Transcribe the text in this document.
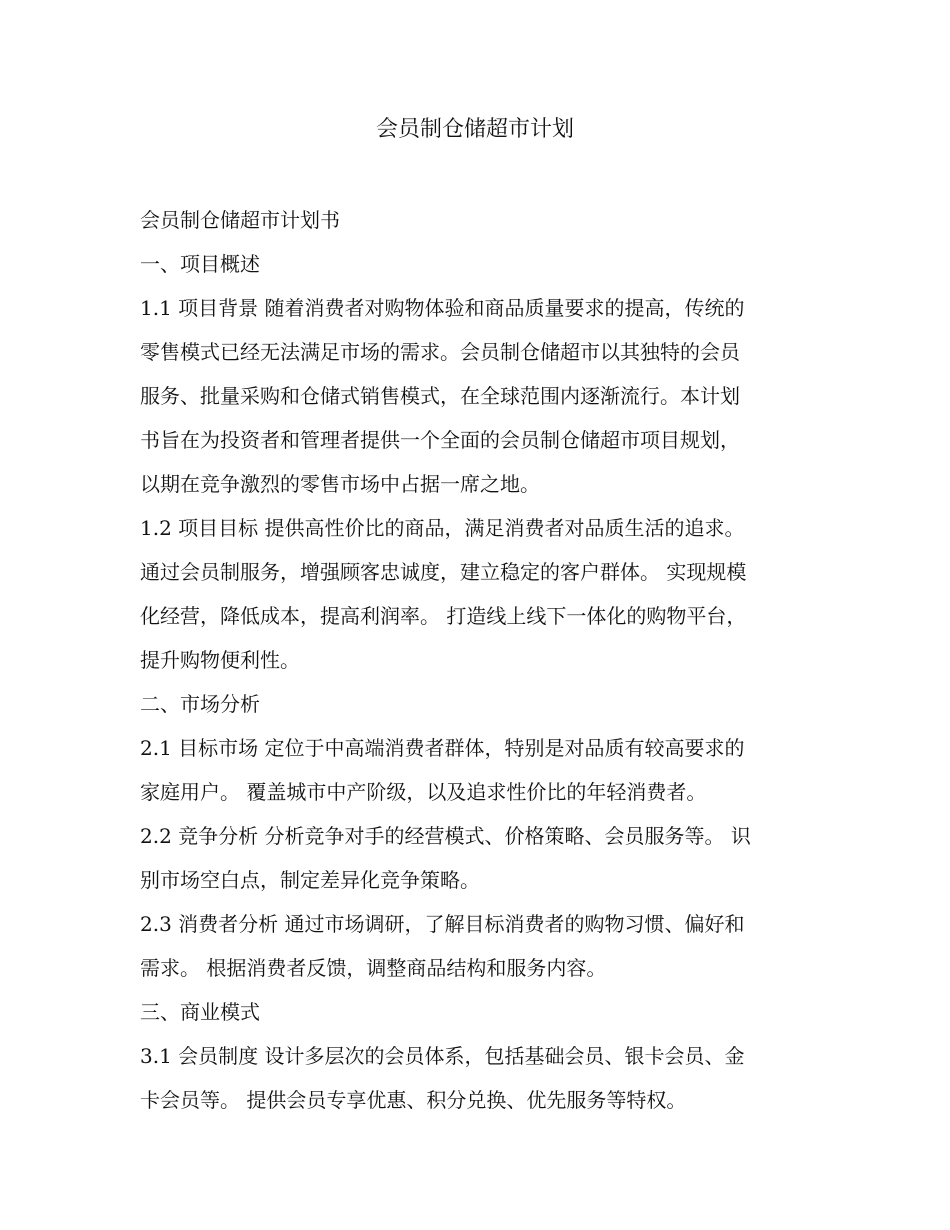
会员制仓储超市计划
会员制仓储超市计划书
一、项目概述
1.1 项目背景 随着消费者对购物体验和商品质量要求的提高，传统的
零售模式已经无法满足市场的需求。会员制仓储超市以其独特的会员
服务、批量采购和仓储式销售模式，在全球范围内逐渐流行。本计划
书旨在为投资者和管理者提供一个全面的会员制仓储超市项目规划，
以期在竞争激烈的零售市场中占据一席之地。
1.2 项目目标 提供高性价比的商品，满足消费者对品质生活的追求。
通过会员制服务，增强顾客忠诚度，建立稳定的客户群体。 实现规模
化经营，降低成本，提高利润率。 打造线上线下一体化的购物平台，
提升购物便利性。
二、市场分析
2.1 目标市场 定位于中高端消费者群体，特别是对品质有较高要求的
家庭用户。 覆盖城市中产阶级，以及追求性价比的年轻消费者。
2.2 竞争分析 分析竞争对手的经营模式、价格策略、会员服务等。 识
别市场空白点，制定差异化竞争策略。
2.3 消费者分析 通过市场调研，了解目标消费者的购物习惯、偏好和
需求。 根据消费者反馈，调整商品结构和服务内容。
三、商业模式
3.1 会员制度 设计多层次的会员体系，包括基础会员、银卡会员、金
卡会员等。 提供会员专享优惠、积分兑换、优先服务等特权。
